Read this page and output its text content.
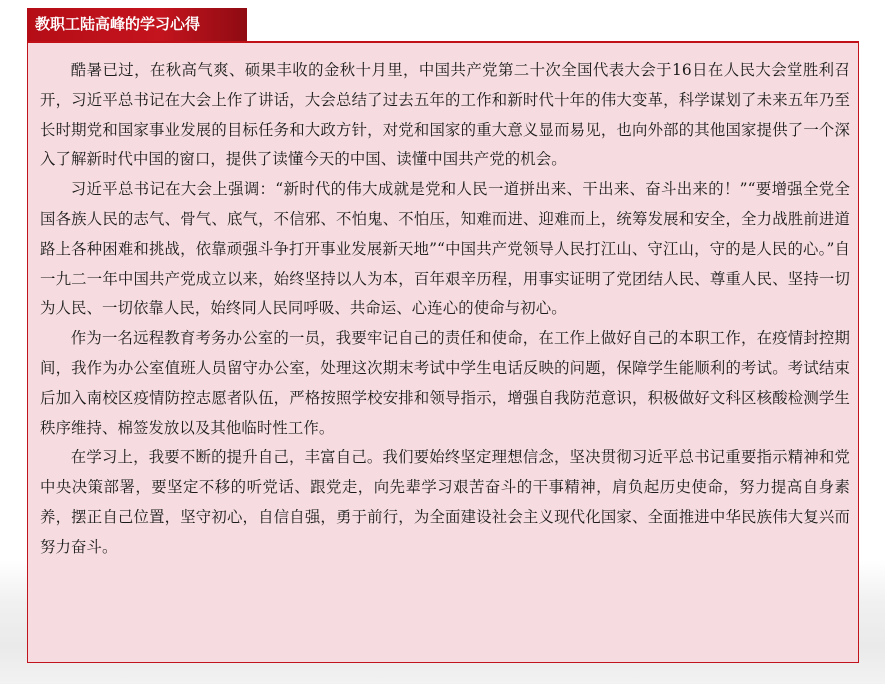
教职工陆高峰的学习心得

酷暑已过，在秋高气爽、硕果丰收的金秋十月里，中国共产党第二十次全国代表大会于16日在人民大会堂胜利召开，习近平总书记在大会上作了讲话，大会总结了过去五年的工作和新时代十年的伟大变革，科学谋划了未来五年乃至长时期党和国家事业发展的目标任务和大政方针，对党和国家的重大意义显而易见，也向外部的其他国家提供了一个深入了解新时代中国的窗口，提供了读懂今天的中国、读懂中国共产党的机会。

习近平总书记在大会上强调：“新时代的伟大成就是党和人民一道拼出来、干出来、奋斗出来的！”“要增强全党全国各族人民的志气、骨气、底气，不信邪、不怕鬼、不怕压，知难而进、迎难而上，统筹发展和安全，全力战胜前进道路上各种困难和挑战，依靠顽强斗争打开事业发展新天地”“中国共产党领导人民打江山、守江山，守的是人民的心。”自一九二一年中国共产党成立以来，始终坚持以人为本，百年艰辛历程，用事实证明了党团结人民、尊重人民、坚持一切为人民、一切依靠人民，始终同人民同呼吸、共命运、心连心的使命与初心。

作为一名远程教育考务办公室的一员，我要牢记自己的责任和使命，在工作上做好自己的本职工作，在疫情封控期间，我作为办公室值班人员留守办公室，处理这次期末考试中学生电话反映的问题，保障学生能顺利的考试。考试结束后加入南校区疫情防控志愿者队伍，严格按照学校安排和领导指示，增强自我防范意识，积极做好文科区核酸检测学生秩序维持、棉签发放以及其他临时性工作。

在学习上，我要不断的提升自己，丰富自己。我们要始终坚定理想信念，坚决贯彻习近平总书记重要指示精神和党中央决策部署，要坚定不移的听党话、跟党走，向先辈学习艰苦奋斗的干事精神，肩负起历史使命，努力提高自身素养，摆正自己位置，坚守初心，自信自强，勇于前行，为全面建设社会主义现代化国家、全面推进中华民族伟大复兴而努力奋斗。
